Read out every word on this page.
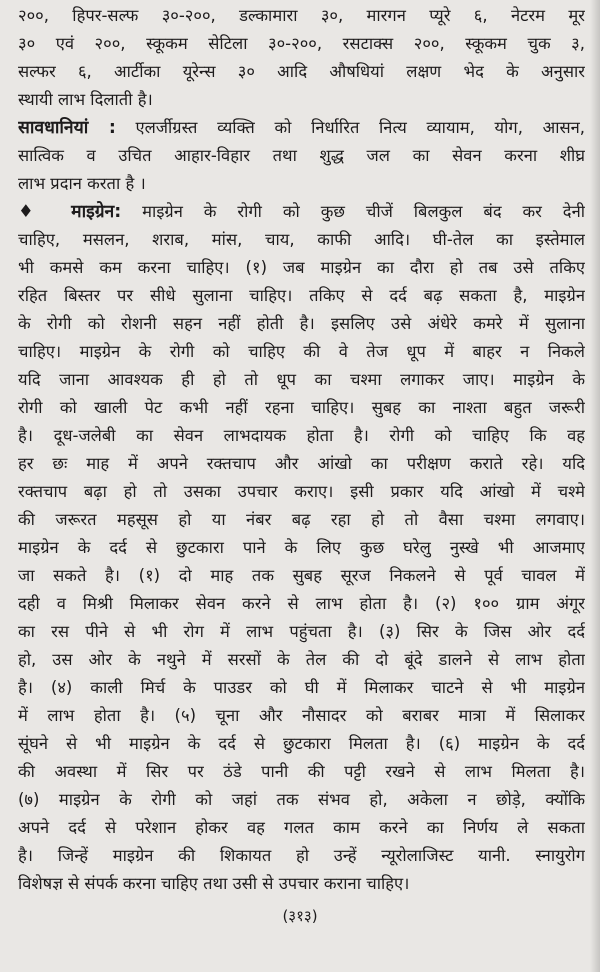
२००, हिपर-सल्फ ३०-२००, डल्कामारा ३०, मारगन प्यूरे ६, नेटरम मूर
३० एवं २००, स्कूकम सेटिला ३०-२००, रसटाक्स २००, स्कूकम चुक ३,
सल्फर ६, आर्टीका यूरेन्स ३० आदि औषधियां लक्षण भेद के अनुसार
स्थायी लाभ दिलाती है।
सावधानियां : एलर्जीग्रस्त व्यक्ति को निर्धारित नित्य व्यायाम, योग, आसन,
सात्विक व उचित आहार-विहार तथा शुद्ध जल का सेवन करना शीघ्र
लाभ प्रदान करता है ।
♦ माइग्रेन: माइग्रेन के रोगी को कुछ चीजें बिलकुल बंद कर देनी
चाहिए, मसलन, शराब, मांस, चाय, काफी आदि। घी-तेल का इस्तेमाल
भी कमसे कम करना चाहिए। (१) जब माइग्रेन का दौरा हो तब उसे तकिए
रहित बिस्तर पर सीधे सुलाना चाहिए। तकिए से दर्द बढ़ सकता है, माइग्रेन
के रोगी को रोशनी सहन नहीं होती है। इसलिए उसे अंधेरे कमरे में सुलाना
चाहिए। माइग्रेन के रोगी को चाहिए की वे तेज धूप में बाहर न निकले
यदि जाना आवश्यक ही हो तो धूप का चश्मा लगाकर जाए। माइग्रेन के
रोगी को खाली पेट कभी नहीं रहना चाहिए। सुबह का नाश्ता बहुत जरूरी
है। दूध-जलेबी का सेवन लाभदायक होता है। रोगी को चाहिए कि वह
हर छः माह में अपने रक्तचाप और आंखो का परीक्षण कराते रहे। यदि
रक्तचाप बढ़ा हो तो उसका उपचार कराए। इसी प्रकार यदि आंखो में चश्मे
की जरूरत महसूस हो या नंबर बढ़ रहा हो तो वैसा चश्मा लगवाए।
माइग्रेन के दर्द से छुटकारा पाने के लिए कुछ घरेलु नुस्खे भी आजमाए
जा सकते है। (१) दो माह तक सुबह सूरज निकलने से पूर्व चावल में
दही व मिश्री मिलाकर सेवन करने से लाभ होता है। (२) १०० ग्राम अंगूर
का रस पीने से भी रोग में लाभ पहुंचता है। (३) सिर के जिस ओर दर्द
हो, उस ओर के नथुने में सरसों के तेल की दो बूंदे डालने से लाभ होता
है। (४) काली मिर्च के पाउडर को घी में मिलाकर चाटने से भी माइग्रेन
में लाभ होता है। (५) चूना और नौसादर को बराबर मात्रा में सिलाकर
सूंघने से भी माइग्रेन के दर्द से छुटकारा मिलता है। (६) माइग्रेन के दर्द
की अवस्था में सिर पर ठंडे पानी की पट्टी रखने से लाभ मिलता है।
(७) माइग्रेन के रोगी को जहां तक संभव हो, अकेला न छोड़े, क्योंकि
अपने दर्द से परेशान होकर वह गलत काम करने का निर्णय ले सकता
है। जिन्हें माइग्रेन की शिकायत हो उन्हें न्यूरोलाजिस्ट यानी. स्नायुरोग
विशेषज्ञ से संपर्क करना चाहिए तथा उसी से उपचार कराना चाहिए।
(३१३)
